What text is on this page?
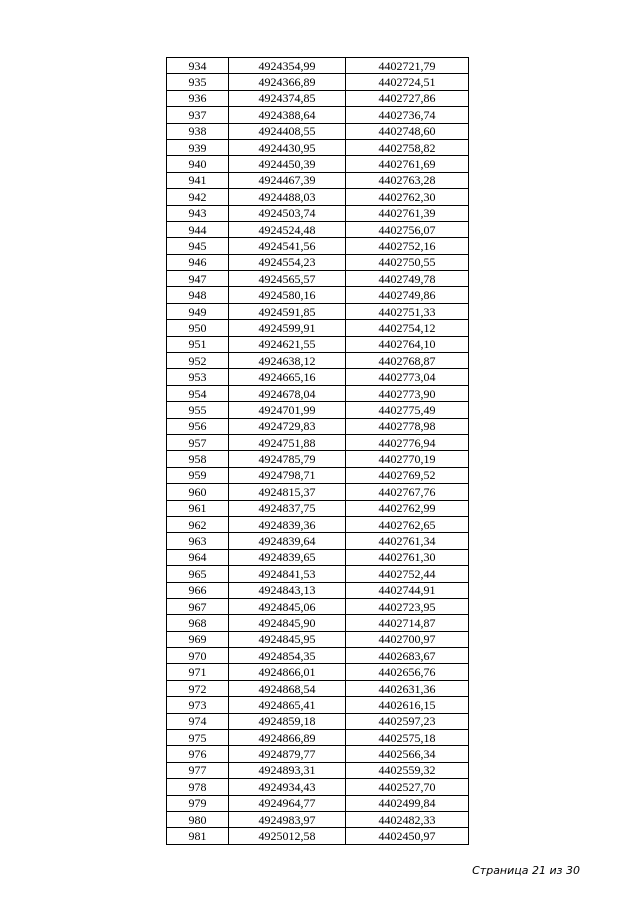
934	4924354,99	4402721,79
935	4924366,89	4402724,51
936	4924374,85	4402727,86
937	4924388,64	4402736,74
938	4924408,55	4402748,60
939	4924430,95	4402758,82
940	4924450,39	4402761,69
941	4924467,39	4402763,28
942	4924488,03	4402762,30
943	4924503,74	4402761,39
944	4924524,48	4402756,07
945	4924541,56	4402752,16
946	4924554,23	4402750,55
947	4924565,57	4402749,78
948	4924580,16	4402749,86
949	4924591,85	4402751,33
950	4924599,91	4402754,12
951	4924621,55	4402764,10
952	4924638,12	4402768,87
953	4924665,16	4402773,04
954	4924678,04	4402773,90
955	4924701,99	4402775,49
956	4924729,83	4402778,98
957	4924751,88	4402776,94
958	4924785,79	4402770,19
959	4924798,71	4402769,52
960	4924815,37	4402767,76
961	4924837,75	4402762,99
962	4924839,36	4402762,65
963	4924839,64	4402761,34
964	4924839,65	4402761,30
965	4924841,53	4402752,44
966	4924843,13	4402744,91
967	4924845,06	4402723,95
968	4924845,90	4402714,87
969	4924845,95	4402700,97
970	4924854,35	4402683,67
971	4924866,01	4402656,76
972	4924868,54	4402631,36
973	4924865,41	4402616,15
974	4924859,18	4402597,23
975	4924866,89	4402575,18
976	4924879,77	4402566,34
977	4924893,31	4402559,32
978	4924934,43	4402527,70
979	4924964,77	4402499,84
980	4924983,97	4402482,33
981	4925012,58	4402450,97
Страница 21 из 30
